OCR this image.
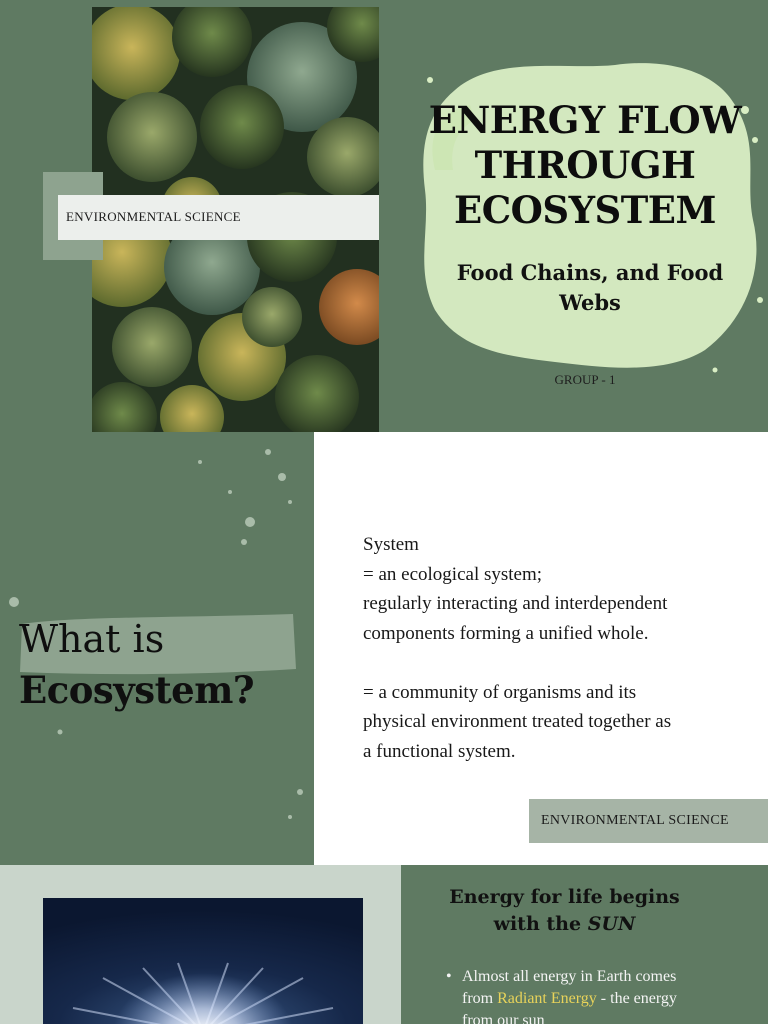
ENVIRONMENTAL SCIENCE
ENERGY FLOW
THROUGH
ECOSYSTEM
Food Chains, and Food
Webs
GROUP - 1
What is
Ecosystem?
System
= an ecological system;
regularly interacting and interdependent
components forming a unified whole.

= a community of organisms and its
physical environment treated together as
a functional system.
ENVIRONMENTAL SCIENCE
Energy for life begins
with the SUN
• Almost all energy in Earth comes
from Radiant Energy - the energy
from our sun
